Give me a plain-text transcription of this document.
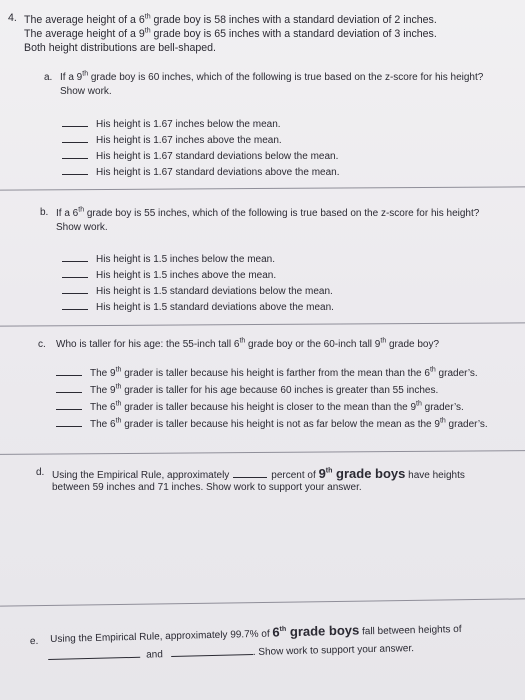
4. The average height of a 6th grade boy is 58 inches with a standard deviation of 2 inches.
The average height of a 9th grade boy is 65 inches with a standard deviation of 3 inches.
Both height distributions are bell-shaped.
a. If a 9th grade boy is 60 inches, which of the following is true based on the z-score for his height?
Show work.
His height is 1.67 inches below the mean.
His height is 1.67 inches above the mean.
His height is 1.67 standard deviations below the mean.
His height is 1.67 standard deviations above the mean.
b. If a 6th grade boy is 55 inches, which of the following is true based on the z-score for his height?
Show work.
His height is 1.5 inches below the mean.
His height is 1.5 inches above the mean.
His height is 1.5 standard deviations below the mean.
His height is 1.5 standard deviations above the mean.
c. Who is taller for his age: the 55-inch tall 6th grade boy or the 60-inch tall 9th grade boy?
The 9th grader is taller because his height is farther from the mean than the 6th grader’s.
The 9th grader is taller for his age because 60 inches is greater than 55 inches.
The 6th grader is taller because his height is closer to the mean than the 9th grader’s.
The 6th grader is taller because his height is not as far below the mean as the 9th grader’s.
d. Using the Empirical Rule, approximately	percent of 9th grade boys have heights
between 59 inches and 71 inches. Show work to support your answer.
e. Using the Empirical Rule, approximately 99.7% of 6th grade boys fall between heights of
and	. Show work to support your answer.
